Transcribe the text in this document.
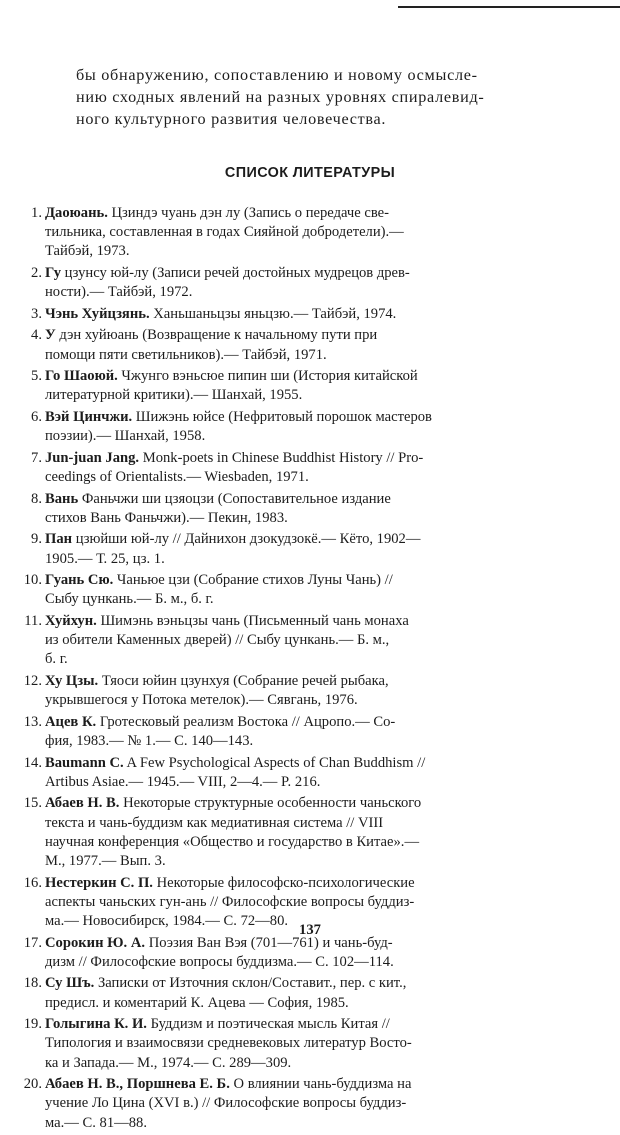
бы обнаружению, сопоставлению и новому осмысле-
нию сходных явлений на разных уровнях спиралевид-
ного культурного развития человечества.
СПИСОК ЛИТЕРАТУРЫ
1. Даоюань. Цзиндэ чуань дэн лу (Запись о передаче све-
тильника, составленная в годах Сияйной добродетели).—
Тайбэй, 1973.
2. Гу цзунсу юй-лу (Записи речей достойных мудрецов древ-
ности).— Тайбэй, 1972.
3. Чэнь Хуйцзянь. Ханьшаньцзы яньцзю.— Тайбэй, 1974.
4. У дэн хуйюань (Возвращение к начальному пути при
помощи пяти светильников).— Тайбэй, 1971.
5. Го Шаоюй. Чжунго вэньсюе пипин ши (История китайской
литературной критики).— Шанхай, 1955.
6. Вэй Цинчжи. Шижэнь юйсе (Нефритовый порошок мастеров
поэзии).— Шанхай, 1958.
7. Jun-juan Jang. Monk-poets in Chinese Buddhist History // Pro-
ceedings of Orientalists.— Wiesbaden, 1971.
8. Вань Фаньчжи ши цзяоцзи (Сопоставительное издание
стихов Вань Фаньчжи).— Пекин, 1983.
9. Пан цзюйши юй-лу // Дайнихон дзокудзокё.— Кёто, 1902—
1905.— Т. 25, цз. 1.
10. Гуань Сю. Чаньюе цзи (Собрание стихов Луны Чань) //
Сыбу цункань.— Б. м., б. г.
11. Хуйхун. Шимэнь вэньцзы чань (Письменный чань монаха
из обители Каменных дверей) // Сыбу цункань.— Б. м.,
б. г.
12. Ху Цзы. Тяоси юйин цзунхуя (Собрание речей рыбака,
укрывшегося у Потока метелок).— Сявгань, 1976.
13. Ацев К. Гротесковый реализм Востока // Ацропо.— Со-
фия, 1983.— № 1.— С. 140—143.
14. Baumann C. A Few Psychological Aspects of Chan Buddhism //
Artibus Asiae.— 1945.— VIII, 2—4.— P. 216.
15. Абаев Н. В. Некоторые структурные особенности чаньского
текста и чань-буддизм как медиативная система // VIII
научная конференция «Общество и государство в Китае».—
М., 1977.— Вып. 3.
16. Нестеркин С. П. Некоторые философско-психологические
аспекты чаньских гун-ань // Философские вопросы буддиз-
ма.— Новосибирск, 1984.— С. 72—80.
17. Сорокин Ю. А. Поэзия Ван Вэя (701—761) и чань-буд-
дизм // Философские вопросы буддизма.— С. 102—114.
18. Су Шъ. Записки от Източния склон/Составит., пер. с кит.,
предисл. и коментарий К. Ацева — София, 1985.
19. Голыгина К. И. Буддизм и поэтическая мысль Китая //
Типология и взаимосвязи средневековых литератур Восто-
ка и Запада.— М., 1974.— С. 289—309.
20. Абаев Н. В., Поршнева Е. Б. О влиянии чань-буддизма на
учение Ло Цина (XVI в.) // Философские вопросы буддиз-
ма.— С. 81—88.
137
